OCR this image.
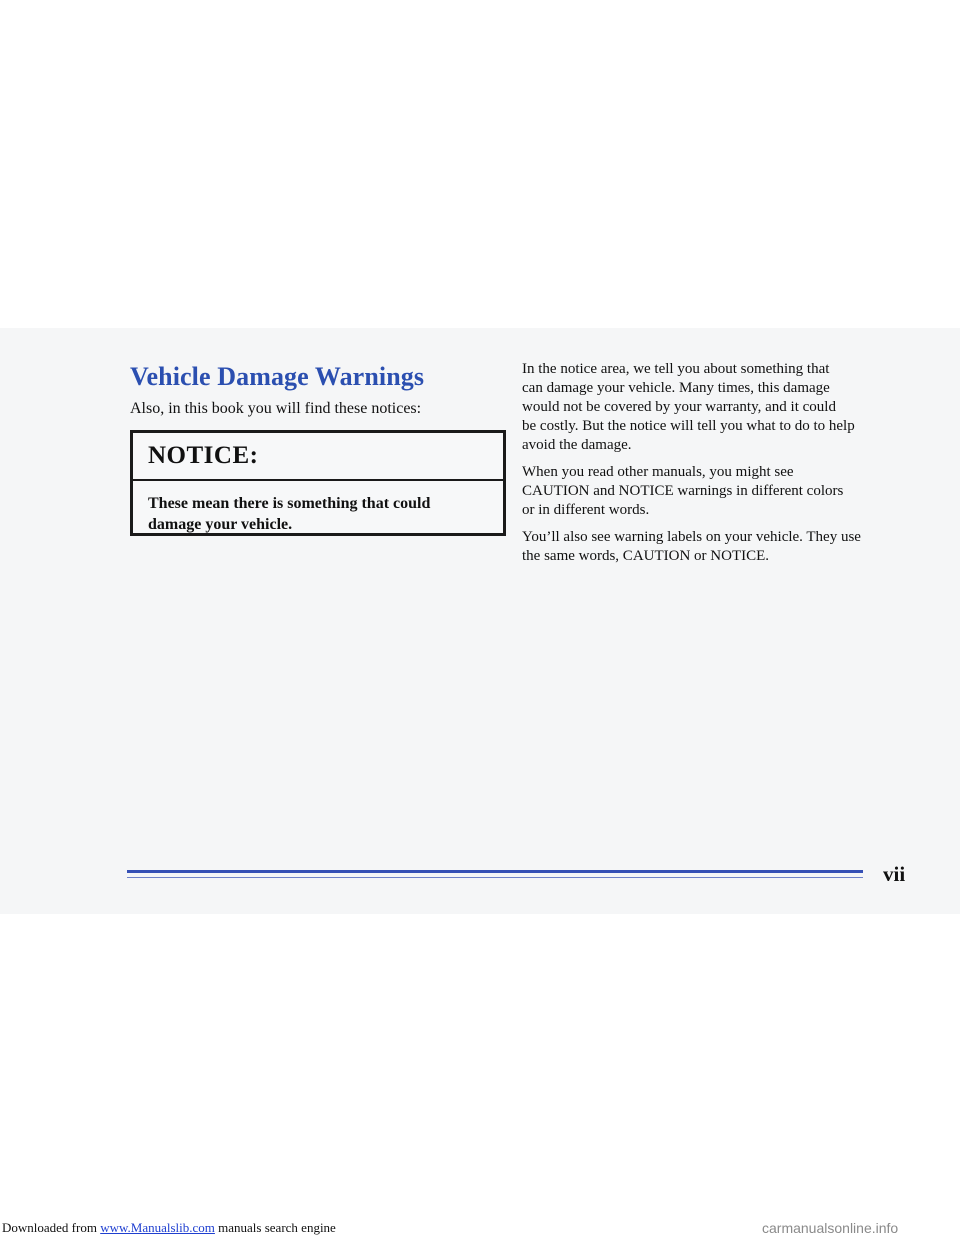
Vehicle Damage Warnings

Also, in this book you will find these notices:

NOTICE:
These mean there is something that could
damage your vehicle.

In the notice area, we tell you about something that
can damage your vehicle. Many times, this damage
would not be covered by your warranty, and it could
be costly. But the notice will tell you what to do to help
avoid the damage.

When you read other manuals, you might see
CAUTION and NOTICE warnings in different colors
or in different words.

You’ll also see warning labels on your vehicle. They use
the same words, CAUTION or NOTICE.

vii
Downloaded from www.Manualslib.com manuals search engine	carmanualsonline.info
